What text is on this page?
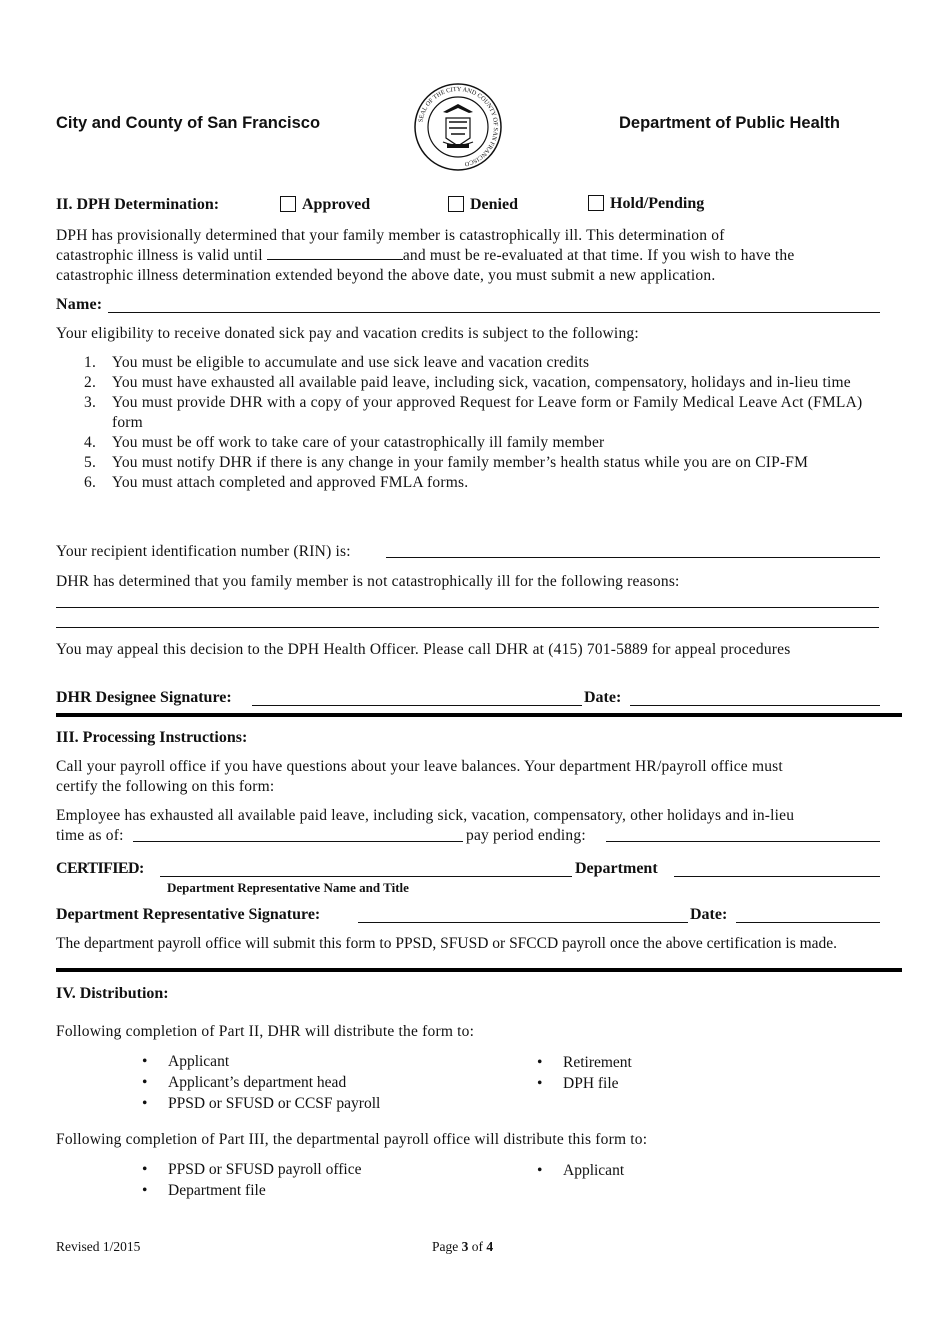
City and County of San Francisco	SEAL OF THE CITY AND COUNTY OF SAN FRANCISCO
Department of Public Health
II. DPH Determination:	Approved	Denied	Hold/Pending
DPH has provisionally determined that your family member is catastrophically ill. This determination of
catastrophic illness is valid until	and must be re-evaluated at that time. If you wish to have the
catastrophic illness determination extended beyond the above date, you must submit a new application.
Name:
Your eligibility to receive donated sick pay and vacation credits is subject to the following:
1. You must be eligible to accumulate and use sick leave and vacation credits
2. You must have exhausted all available paid leave, including sick, vacation, compensatory, holidays and in-lieu time
3. You must provide DHR with a copy of your approved Request for Leave form or Family Medical Leave Act (FMLA) form
4. You must be off work to take care of your catastrophically ill family member
5. You must notify DHR if there is any change in your family member’s health status while you are on CIP-FM
6. You must attach completed and approved FMLA forms.
Your recipient identification number (RIN) is:
DHR has determined that you family member is not catastrophically ill for the following reasons:
You may appeal this decision to the DPH Health Officer. Please call DHR at (415) 701-5889 for appeal procedures
DHR Designee Signature:	Date:
III. Processing Instructions:
Call your payroll office if you have questions about your leave balances. Your department HR/payroll office must
certify the following on this form:
Employee has exhausted all available paid leave, including sick, vacation, compensatory, other holidays and in-lieu
time as of:	pay period ending:
CERTIFIED:	Department
Department Representative Name and Title
Department Representative Signature:	Date:
The department payroll office will submit this form to PPSD, SFUSD or SFCCD payroll once the above certification is made.
IV. Distribution:
Following completion of Part II, DHR will distribute the form to:
• Applicant
• Applicant’s department head
• PPSD or SFUSD or CCSF payroll
• Retirement
• DPH file
Following completion of Part III, the departmental payroll office will distribute this form to:
• PPSD or SFUSD payroll office
• Department file
• Applicant
Revised 1/2015	Page 3 of 4
